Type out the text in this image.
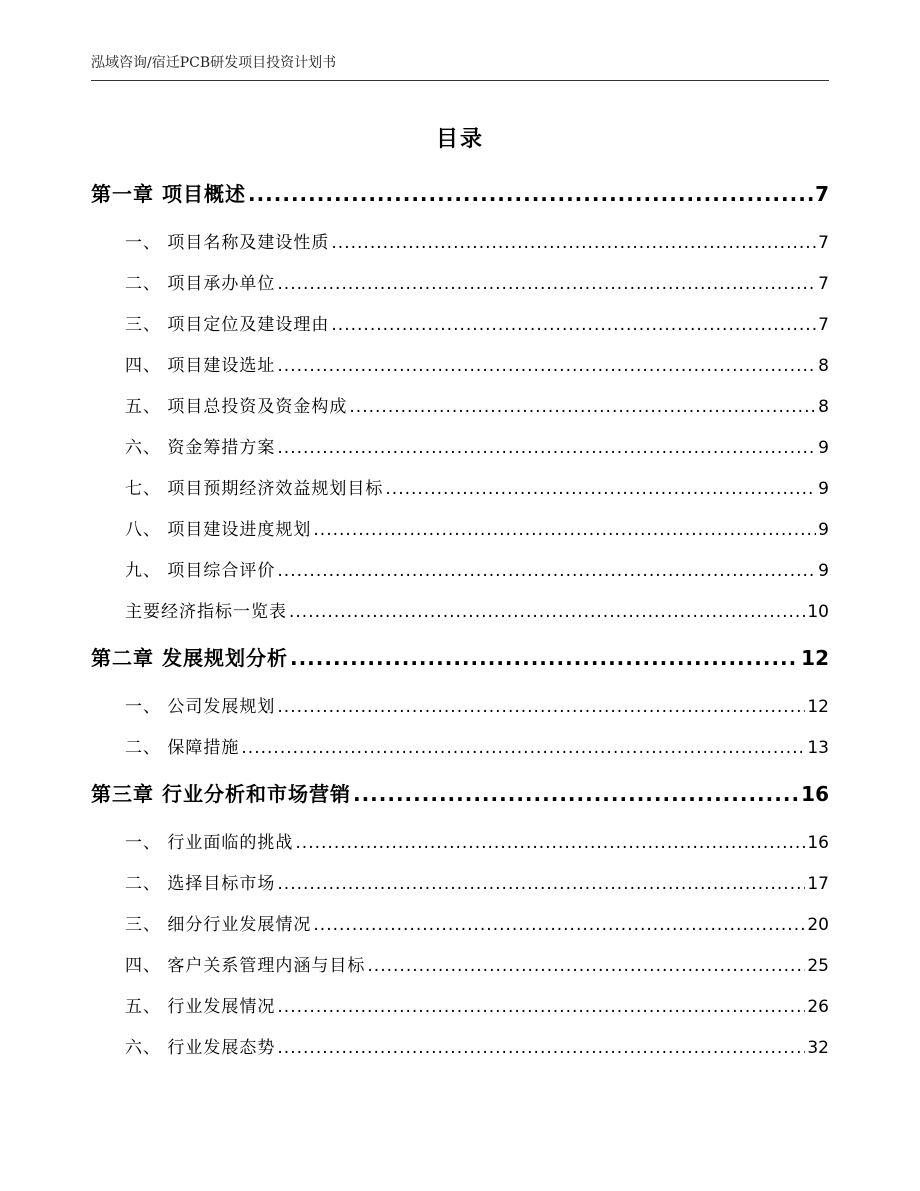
泓域咨询/宿迁PCB研发项目投资计划书
目录
第一章 项目概述 .....	7
一、 项目名称及建设性质 .....	7
二、 项目承办单位 .....	7
三、 项目定位及建设理由 .....	7
四、 项目建设选址 .....	8
五、 项目总投资及资金构成 .....	8
六、 资金筹措方案 .....	9
七、 项目预期经济效益规划目标 .....	9
八、 项目建设进度规划 .....	9
九、 项目综合评价 .....	9
主要经济指标一览表 .....	10
第二章 发展规划分析 .....	12
一、 公司发展规划 .....	12
二、 保障措施 .....	13
第三章 行业分析和市场营销 .....	16
一、 行业面临的挑战 .....	16
二、 选择目标市场 .....	17
三、 细分行业发展情况 .....	20
四、 客户关系管理内涵与目标 .....	25
五、 行业发展情况 .....	26
六、 行业发展态势 .....	32
